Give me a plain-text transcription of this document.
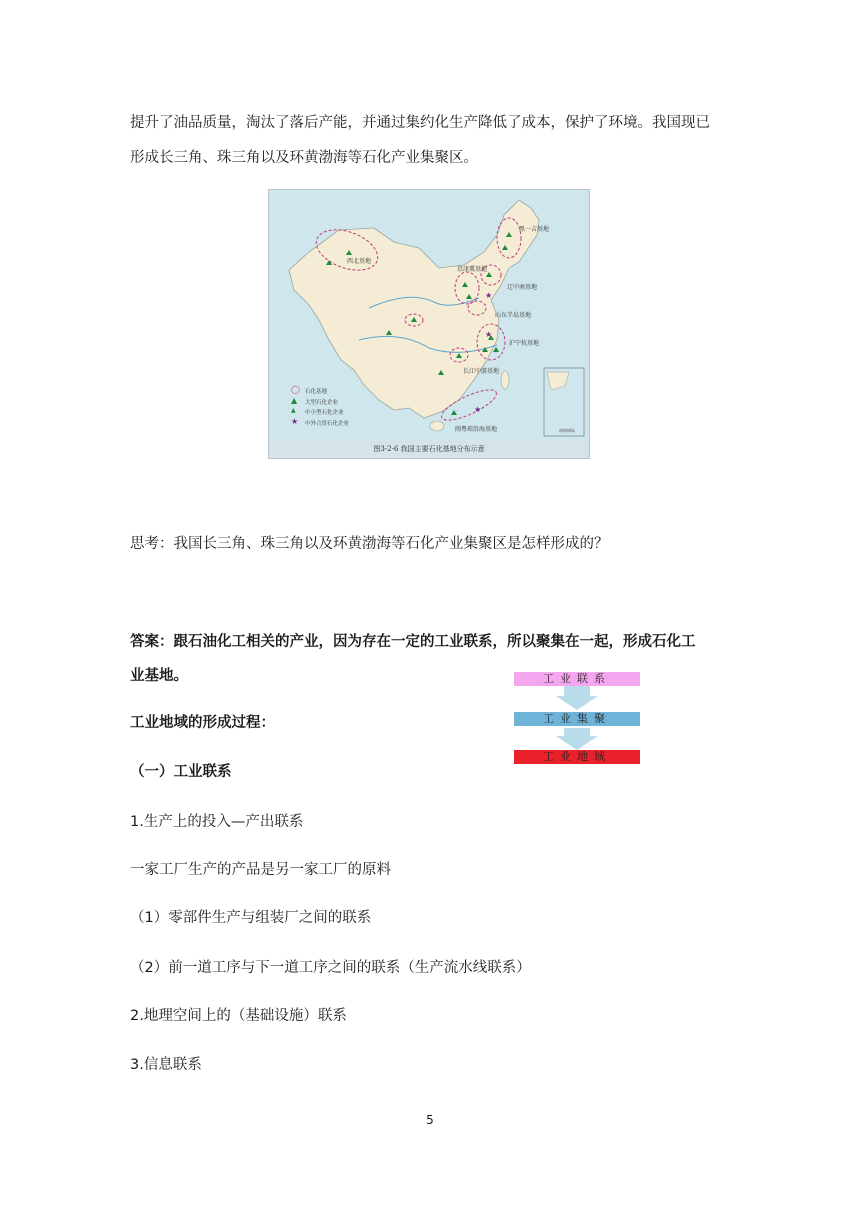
提升了油品质量，淘汰了落后产能，并通过集约化生产降低了成本，保护了环境。我国现已
形成长三角、珠三角以及环黄渤海等石化产业集聚区。
★
★
★
西北基地
黑一吉基地
京津冀基地
辽中南基地
山东半岛基地
沪宁杭基地
长江中游基地
闽粤琼沿海基地	南海诸岛
◯ 石化基地
▲ 大型石化企业
▲ 中小型石化企业
★ 中外合资石化企业
图3-2-6 我国主要石化基地分布示意
思考：我国长三角、珠三角以及环黄渤海等石化产业集聚区是怎样形成的？
答案：跟石油化工相关的产业，因为存在一定的工业联系，所以聚集在一起，形成石化工
业基地。	工业联系
工业集聚
工业地域
工业地域的形成过程：
（一）工业联系
1.生产上的投入—产出联系
一家工厂生产的产品是另一家工厂的原料
（1）零部件生产与组装厂之间的联系
（2）前一道工序与下一道工序之间的联系（生产流水线联系）
2.地理空间上的（基础设施）联系
3.信息联系
5
